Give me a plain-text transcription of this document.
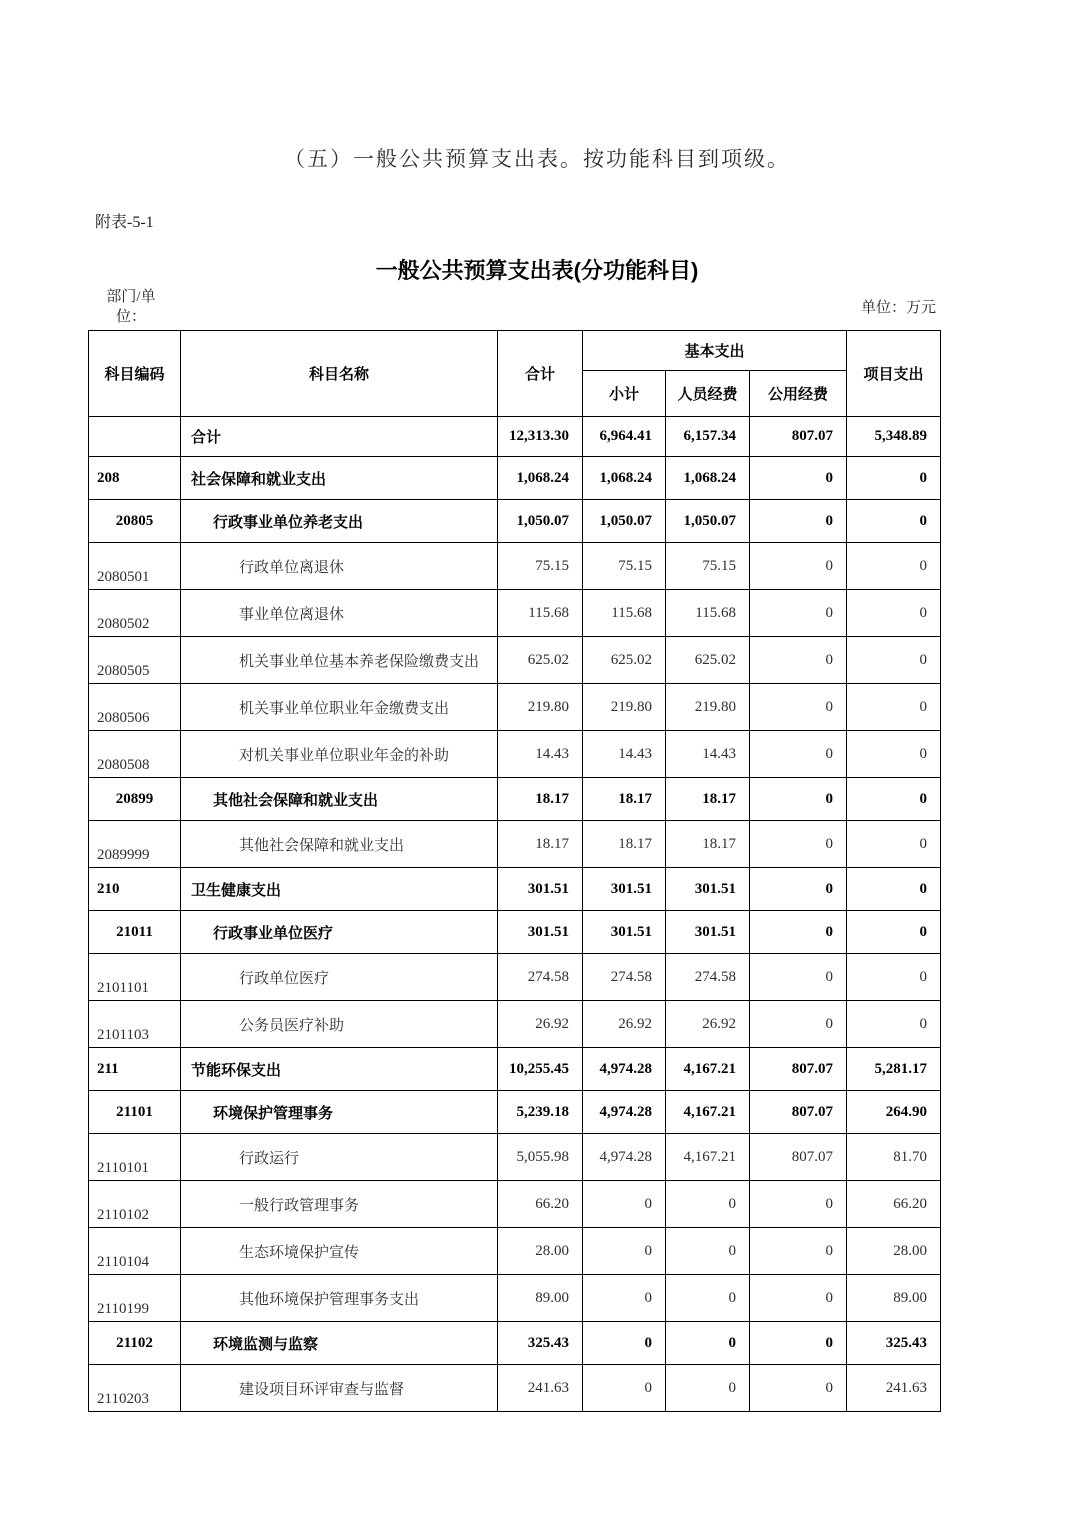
（五）一般公共预算支出表。按功能科目到项级。
附表-5-1
一般公共预算支出表(分功能科目)
部门/单位：
单位：万元
科目编码	科目名称	合计	基本支出			项目支出
			小计	人员经费	公用经费	
	合计	12,313.30	6,964.41	6,157.34	807.07	5,348.89
208	社会保障和就业支出	1,068.24	1,068.24	1,068.24	0	0
20805	行政事业单位养老支出	1,050.07	1,050.07	1,050.07	0	0
2080501	行政单位离退休	75.15	75.15	75.15	0	0
2080502	事业单位离退休	115.68	115.68	115.68	0	0
2080505	机关事业单位基本养老保险缴费支出	625.02	625.02	625.02	0	0
2080506	机关事业单位职业年金缴费支出	219.80	219.80	219.80	0	0
2080508	对机关事业单位职业年金的补助	14.43	14.43	14.43	0	0
20899	其他社会保障和就业支出	18.17	18.17	18.17	0	0
2089999	其他社会保障和就业支出	18.17	18.17	18.17	0	0
210	卫生健康支出	301.51	301.51	301.51	0	0
21011	行政事业单位医疗	301.51	301.51	301.51	0	0
2101101	行政单位医疗	274.58	274.58	274.58	0	0
2101103	公务员医疗补助	26.92	26.92	26.92	0	0
211	节能环保支出	10,255.45	4,974.28	4,167.21	807.07	5,281.17
21101	环境保护管理事务	5,239.18	4,974.28	4,167.21	807.07	264.90
2110101	行政运行	5,055.98	4,974.28	4,167.21	807.07	81.70
2110102	一般行政管理事务	66.20	0	0	0	66.20
2110104	生态环境保护宣传	28.00	0	0	0	28.00
2110199	其他环境保护管理事务支出	89.00	0	0	0	89.00
21102	环境监测与监察	325.43	0	0	0	325.43
2110203	建设项目环评审查与监督	241.63	0	0	0	241.63
